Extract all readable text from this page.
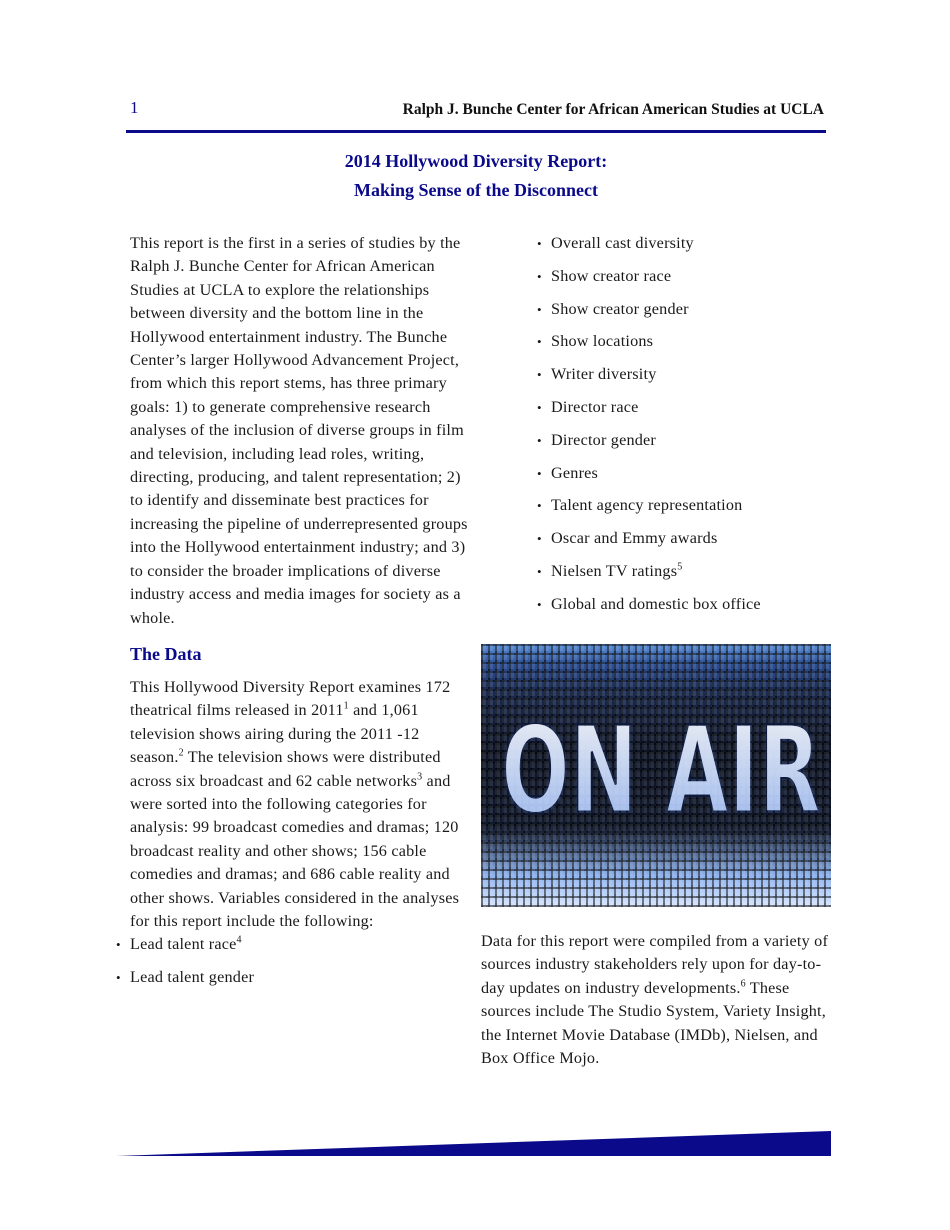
1	Ralph J. Bunche Center for African American Studies at UCLA
2014 Hollywood Diversity Report:
Making Sense of the Disconnect

This report is the first in a series of studies by the Ralph J. Bunche Center for African American Studies at UCLA to explore the relationships between diversity and the bottom line in the Hollywood entertainment industry. The Bunche Center’s larger Hollywood Advancement Project, from which this report stems, has three primary goals: 1) to generate comprehensive research analyses of the inclusion of diverse groups in film and television, including lead roles, writing, directing, producing, and talent representation; 2) to identify and disseminate best practices for increasing the pipeline of underrepresented groups into the Hollywood entertainment industry; and 3) to consider the broader implications of diverse industry access and media images for society as a whole.

The Data

This Hollywood Diversity Report examines 172 theatrical films released in 2011$^1$ and 1,061 television shows airing during the 2011 -12 season.$^2$ The television shows were distributed across six broadcast and 62 cable networks$^3$ and were sorted into the following categories for analysis: 99 broadcast comedies and dramas; 120 broadcast reality and other shows; 156 cable comedies and dramas; and 686 cable reality and other shows. Variables considered in the analyses for this report include the following:

• Lead talent race$^4$
• Lead talent gender
• Overall cast diversity
• Show creator race
• Show creator gender
• Show locations
• Writer diversity
• Director race
• Director gender
• Genres
• Talent agency representation
• Oscar and Emmy awards
• Nielsen TV ratings$^5$
• Global and domestic box office
ON AIR

Data for this report were compiled from a variety of sources industry stakeholders rely upon for day-to-day updates on industry developments.$^6$ These sources include The Studio System, Variety Insight, the Internet Movie Database (IMDb), Nielsen, and Box Office Mojo.
